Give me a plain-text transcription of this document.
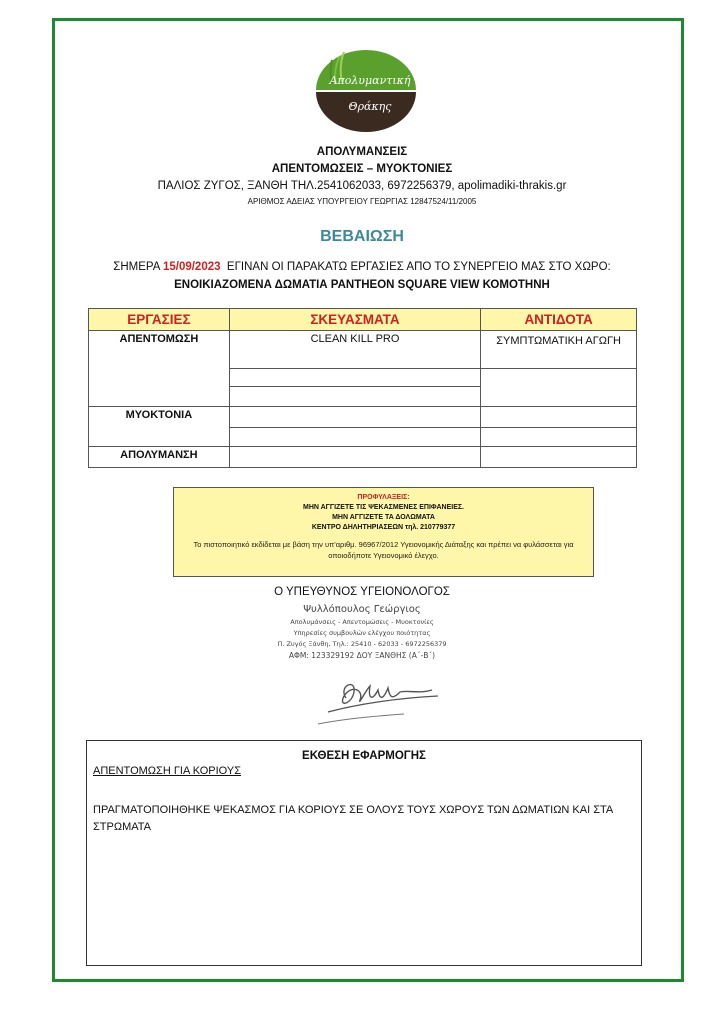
Απολυμαντική
Θράκης
ΑΠΟΛΥΜΑΝΣΕΙΣ
ΑΠΕΝΤΟΜΩΣΕΙΣ – ΜΥΟΚΤΟΝΙΕΣ
ΠΑΛΙΟΣ ΖΥΓΟΣ, ΞΑΝΘΗ ΤΗΛ.2541062033, 6972256379, apolimadiki-thrakis.gr
ΑΡΙΘΜΟΣ ΑΔΕΙΑΣ ΥΠΟΥΡΓΕΙΟΥ ΓΕΩΡΓΙΑΣ 12847524/11/2005
ΒΕΒΑΙΩΣΗ
ΣΗΜΕΡΑ 15/09/2023  ΕΓΙΝΑΝ ΟΙ ΠΑΡΑΚΑΤΩ ΕΡΓΑΣΙΕΣ ΑΠΟ ΤΟ ΣΥΝΕΡΓΕΙΟ ΜΑΣ ΣΤΟ ΧΩΡΟ:
ΕΝΟΙΚΙΑΖΟΜΕΝΑ ΔΩΜΑΤΙΑ PANTHEON SQUARE VIEW ΚΟΜΟΤΗΝΗ
ΕΡΓΑΣΙΕΣ	ΣΚΕΥΑΣΜΑΤΑ	ΑΝΤΙΔΟΤΑ
ΑΠΕΝΤΟΜΩΣΗ	CLEAN KILL PRO	ΣΥΜΠΤΩΜΑΤΙΚΗ ΑΓΩΓΗ

ΜΥΟΚΤΟΝΙΑ		

ΑΠΟΛΥΜΑΝΣΗ		
ΠΡΟΦΥΛΑΞΕΙΣ:
ΜΗΝ ΑΓΓΙΖΕΤΕ ΤΙΣ ΨΕΚΑΣΜΕΝΕΣ ΕΠΙΦΑΝΕΙΕΣ.
ΜΗΝ ΑΓΓΙΖΕΤΕ ΤΑ ΔΟΛΩΜΑΤΑ
ΚΕΝΤΡΟ ΔΗΛΗΤΗΡΙΑΣΕΩΝ τηλ. 210779377
Το πιστοποιητικό εκδίδεται με βάση την υπ'αριθμ. 96967/2012 Υγειονομικής Διάταξης και πρέπει να φυλάσσεται για οποιοδήποτε Υγειονομικό έλεγχο.
Ο ΥΠΕΥΘΥΝΟΣ ΥΓΕΙΟΝΟΛΟΓΟΣ
Ψυλλόπουλος Γεώργιος
Απολυμάνσεις - Απεντομώσεις - Μυοκτονίες
Υπηρεσίες συμβουλών ελέγχου ποιότητας
Π. Ζυγός Ξάνθη, Τηλ.: 25410 - 62033 - 6972256379
ΑΦΜ: 123329192 ΔΟΥ ΞΑΝΘΗΣ (Α΄-Β΄)
ΕΚΘΕΣΗ ΕΦΑΡΜΟΓΗΣ
ΑΠΕΝΤΟΜΩΣΗ ΓΙΑ ΚΟΡΙΟΥΣ
ΠΡΑΓΜΑΤΟΠΟΙΗΘΗΚΕ ΨΕΚΑΣΜΟΣ ΓΙΑ ΚΟΡΙΟΥΣ ΣΕ ΟΛΟΥΣ ΤΟΥΣ ΧΩΡΟΥΣ ΤΩΝ ΔΩΜΑΤΙΩΝ ΚΑΙ ΣΤΑ ΣΤΡΩΜΑΤΑ
